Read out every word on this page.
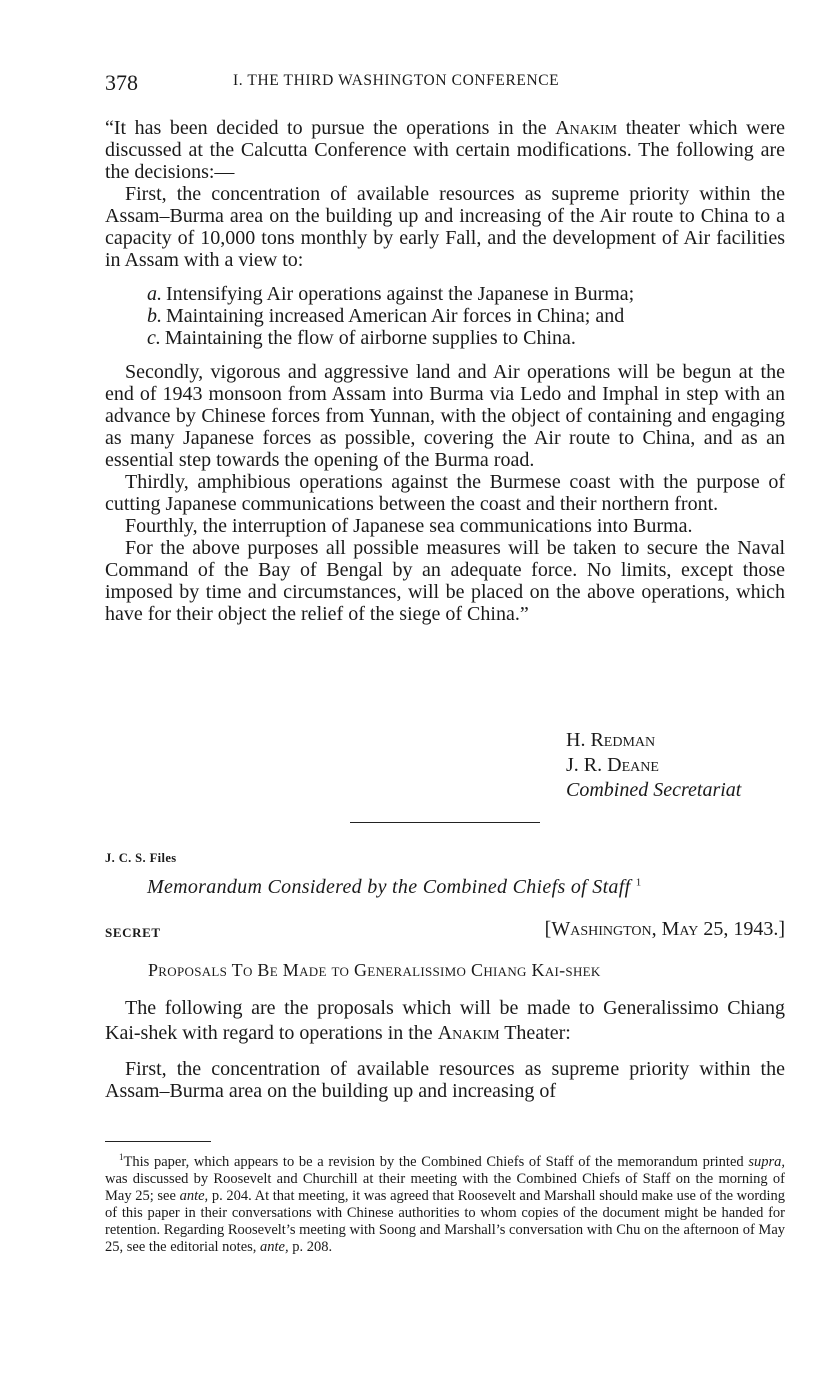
378	I. THE THIRD WASHINGTON CONFERENCE

“It has been decided to pursue the operations in the Anakim theater which were discussed at the Calcutta Conference with certain modifications. The following are the decisions:—

First, the concentration of available resources as supreme priority within the Assam–Burma area on the building up and increasing of the Air route to China to a capacity of 10,000 tons monthly by early Fall, and the development of Air facilities in Assam with a view to:

a. Intensifying Air operations against the Japanese in Burma;
b. Maintaining increased American Air forces in China; and
c. Maintaining the flow of airborne supplies to China.

Secondly, vigorous and aggressive land and Air operations will be begun at the end of 1943 monsoon from Assam into Burma via Ledo and Imphal in step with an advance by Chinese forces from Yunnan, with the object of containing and engaging as many Japanese forces as possible, covering the Air route to China, and as an essential step towards the opening of the Burma road.

Thirdly, amphibious operations against the Burmese coast with the purpose of cutting Japanese communications between the coast and their northern front.

Fourthly, the interruption of Japanese sea communications into Burma.

For the above purposes all possible measures will be taken to secure the Naval Command of the Bay of Bengal by an adequate force. No limits, except those imposed by time and circumstances, will be placed on the above operations, which have for their object the relief of the siege of China.”

H. Redman
J. R. Deane
Combined Secretariat
J. C. S. Files
Memorandum Considered by the Combined Chiefs of Staff $^1$
SECRET	[Washington, May 25, 1943.]
Proposals To Be Made to Generalissimo Chiang Kai-shek

The following are the proposals which will be made to Generalissimo Chiang Kai-shek with regard to operations in the Anakim Theater:

First, the concentration of available resources as supreme priority within the Assam–Burma area on the building up and increasing of

$^1$This paper, which appears to be a revision by the Combined Chiefs of Staff of the memorandum printed supra, was discussed by Roosevelt and Churchill at their meeting with the Combined Chiefs of Staff on the morning of May 25; see ante, p. 204. At that meeting, it was agreed that Roosevelt and Marshall should make use of the wording of this paper in their conversations with Chinese authorities to whom copies of the document might be handed for retention. Regarding Roosevelt’s meeting with Soong and Marshall’s conversation with Chu on the afternoon of May 25, see the editorial notes, ante, p. 208.
